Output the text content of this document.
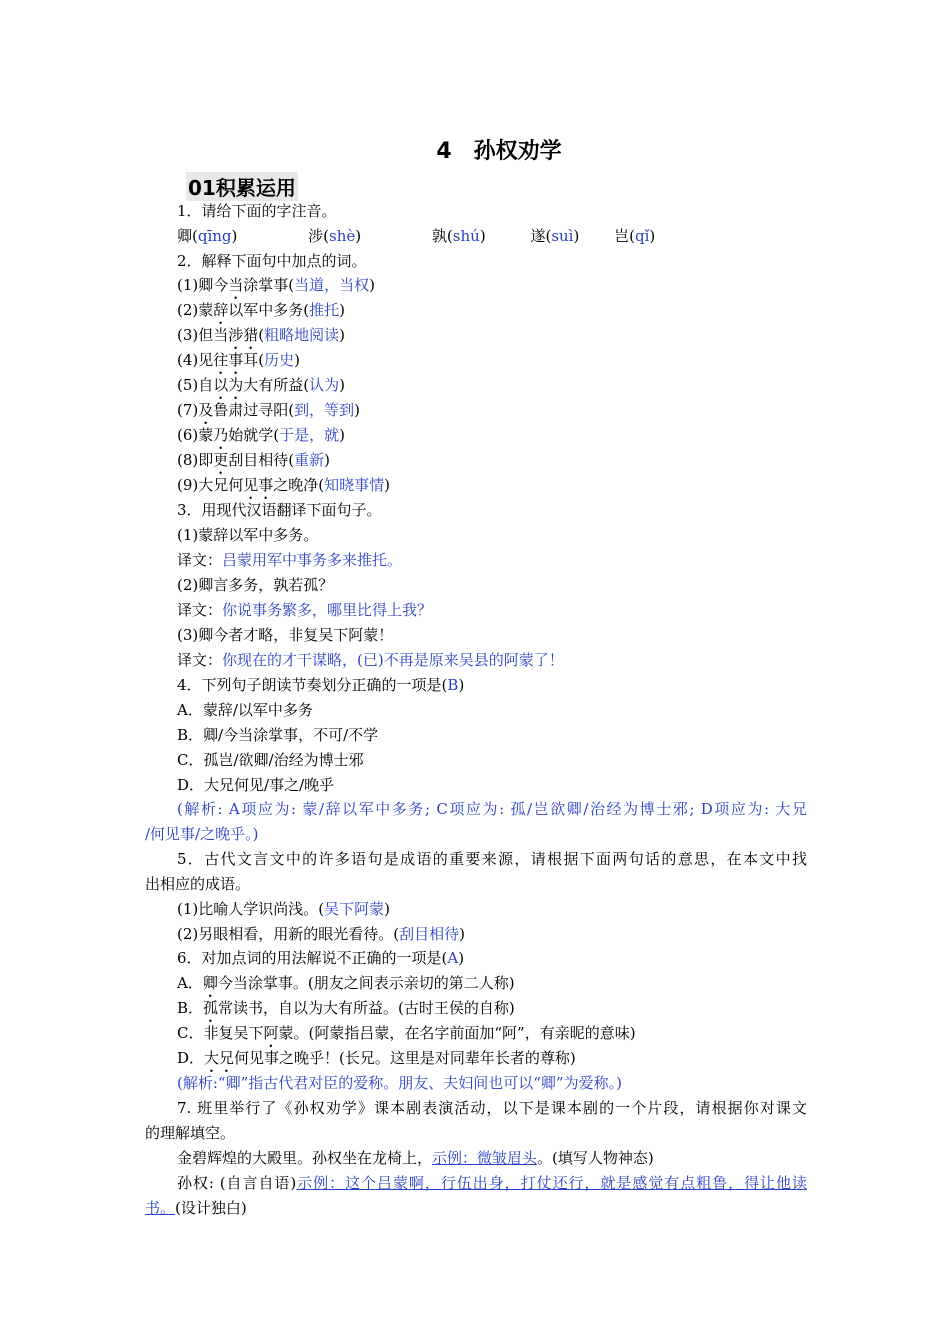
4　孙权劝学
01积累运用
1．请给下面的字注音。
卿(qīng)	涉(shè)	孰(shú)	遂(suì) 岂(qǐ)
2．解释下面句中加点的词。
(1)卿今当涂掌事(当道，当权)
(2)蒙辞以军中多务(推托)
(3)但当涉猎(粗略地阅读)
(4)见往事耳(历史)
(5)自以为大有所益(认为)
(7)及鲁肃过寻阳(到，等到)
(6)蒙乃始就学(于是，就)
(8)即更刮目相待(重新)
(9)大兄何见事之晚净(知晓事情)
3．用现代汉语翻译下面句子。
(1)蒙辞以军中多务。
译文：吕蒙用军中事务多来推托。
(2)卿言多务，孰若孤？
译文：你说事务繁多，哪里比得上我？
(3)卿今者才略，非复吴下阿蒙！
译文：你现在的才干谋略，(已)不再是原来吴县的阿蒙了！
4．下列句子朗读节奏划分正确的一项是(B)
A．蒙辞/以军中多务
B．卿/今当涂掌事，不可/不学
C．孤岂/欲卿/治经为博士邪
D．大兄何见/事之/晚乎
(解析: A项应为: 蒙/辞以军中多务; C项应为: 孤/岂欲卿/治经为博士邪; D项应为: 大兄
/何见事/之晚乎。)
5．古代文言文中的许多语句是成语的重要来源，请根据下面两句话的意思，在本文中找
出相应的成语。
(1)比喻人学识尚浅。(吴下阿蒙)
(2)另眼相看，用新的眼光看待。(刮目相待)
6．对加点词的用法解说不正确的一项是(A)
A．卿今当涂掌事。(朋友之间表示亲切的第二人称)
B．孤常读书，自以为大有所益。(古时王侯的自称)
C．非复吴下阿蒙。(阿蒙指吕蒙，在名字前面加“阿”，有亲昵的意味)
D．大兄何见事之晚乎！(长兄。这里是对同辈年长者的尊称)
(解析:“卿”指古代君对臣的爱称。朋友、夫妇间也可以“卿”为爱称。)
7. 班里举行了《孙权劝学》课本剧表演活动，以下是课本剧的一个片段，请根据你对课文
的理解填空。
金碧辉煌的大殿里。孙权坐在龙椅上，示例：微皱眉头。(填写人物神态)
孙权: (自言自语)示例：这个吕蒙啊，行伍出身，打仗还行，就是感觉有点粗鲁，得让他读
书。(设计独白)
